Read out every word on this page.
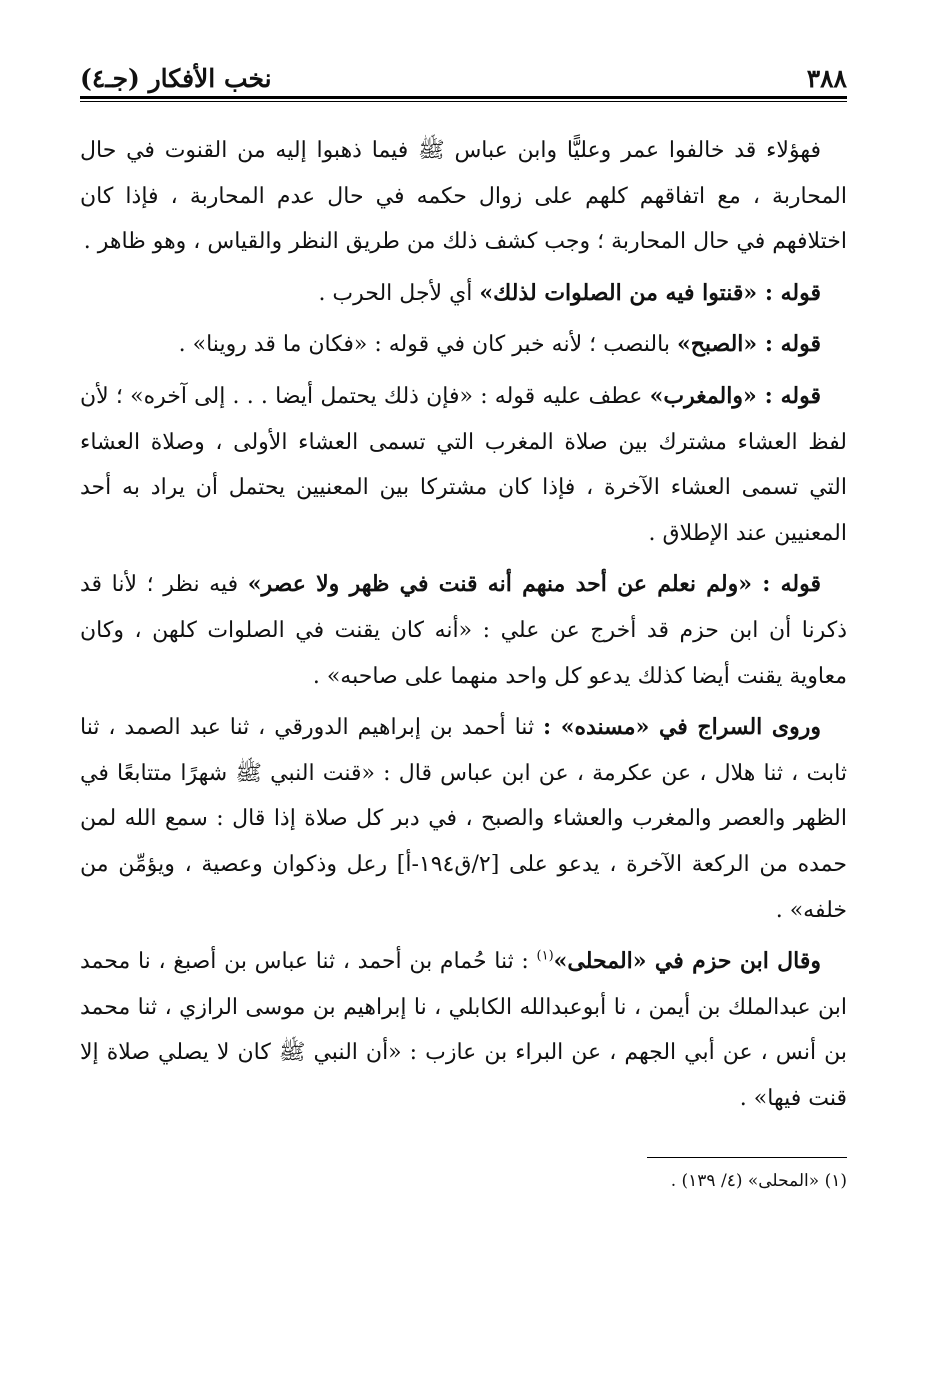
٣٨٨
نخب الأفكار (جـ٤)

فهؤلاء قد خالفوا عمر وعليًّا وابن عباس ﷺ فيما ذهبوا إليه من القنوت في حال المحاربة ، مع اتفاقهم كلهم على زوال حكمه في حال عدم المحاربة ، فإذا كان اختلافهم في حال المحاربة ؛ وجب كشف ذلك من طريق النظر والقياس ، وهو ظاهر .

قوله : «قنتوا فيه من الصلوات لذلك» أي لأجل الحرب .

قوله : «الصبح» بالنصب ؛ لأنه خبر كان في قوله : «فكان ما قد روينا» .

قوله : «والمغرب» عطف عليه قوله : «فإن ذلك يحتمل أيضا . . . إلى آخره» ؛ لأن لفظ العشاء مشترك بين صلاة المغرب التي تسمى العشاء الأولى ، وصلاة العشاء التي تسمى العشاء الآخرة ، فإذا كان مشتركا بين المعنيين يحتمل أن يراد به أحد المعنيين عند الإطلاق .

قوله : «ولم نعلم عن أحد منهم أنه قنت في ظهر ولا عصر» فيه نظر ؛ لأنا قد ذكرنا أن ابن حزم قد أخرج عن علي : «أنه كان يقنت في الصلوات كلهن ، وكان معاوية يقنت أيضا كذلك يدعو كل واحد منهما على صاحبه» .

وروى السراج في «مسنده» : ثنا أحمد بن إبراهيم الدورقي ، ثنا عبد الصمد ، ثنا ثابت ، ثنا هلال ، عن عكرمة ، عن ابن عباس قال : «قنت النبي ﷺ شهرًا متتابعًا في الظهر والعصر والمغرب والعشاء والصبح ، في دبر كل صلاة إذا قال : سمع الله لمن حمده من الركعة الآخرة ، يدعو على [٢/ق١٩٤-أ] رعل وذكوان وعصية ، ويؤمِّن من خلفه» .

وقال ابن حزم في «المحلى»$^{(١)}$ : ثنا حُمام بن أحمد ، ثنا عباس بن أصبغ ، نا محمد ابن عبدالملك بن أيمن ، نا أبوعبدالله الكابلي ، نا إبراهيم بن موسى الرازي ، ثنا محمد بن أنس ، عن أبي الجهم ، عن البراء بن عازب : «أن النبي ﷺ كان لا يصلي صلاة إلا قنت فيها» .

(١) «المحلى» (٤/ ١٣٩) .
